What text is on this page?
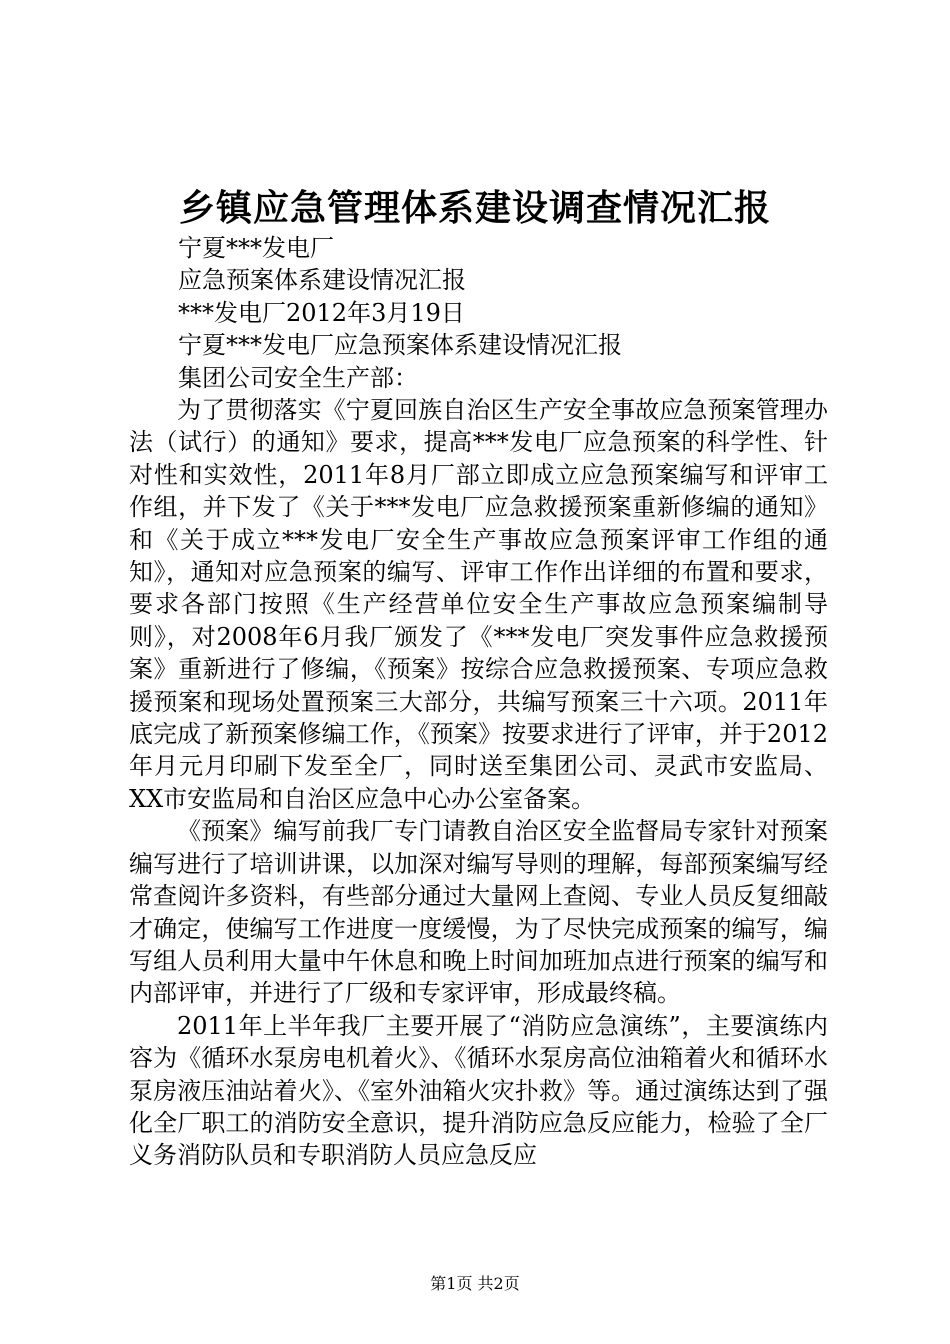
乡镇应急管理体系建设调查情况汇报
宁夏***发电厂
应急预案体系建设情况汇报
***发电厂2012年3月19日
宁夏***发电厂应急预案体系建设情况汇报
集团公司安全生产部：

为了贯彻落实《宁夏回族自治区生产安全事故应急预案管理办法（试行）的通知》要求，提高***发电厂应急预案的科学性、针对性和实效性，2011年8月厂部立即成立应急预案编写和评审工作组，并下发了《关于***发电厂应急救援预案重新修编的通知》和《关于成立***发电厂安全生产事故应急预案评审工作组的通知》，通知对应急预案的编写、评审工作作出详细的布置和要求，要求各部门按照《生产经营单位安全生产事故应急预案编制导则》，对2008年6月我厂颁发了《***发电厂突发事件应急救援预案》重新进行了修编，《预案》按综合应急救援预案、专项应急救援预案和现场处置预案三大部分，共编写预案三十六项。2011年底完成了新预案修编工作，《预案》按要求进行了评审，并于2012年月元月印刷下发至全厂，同时送至集团公司、灵武市安监局、XX市安监局和自治区应急中心办公室备案。

《预案》编写前我厂专门请教自治区安全监督局专家针对预案编写进行了培训讲课，以加深对编写导则的理解，每部预案编写经常查阅许多资料，有些部分通过大量网上查阅、专业人员反复细敲才确定，使编写工作进度一度缓慢，为了尽快完成预案的编写，编写组人员利用大量中午休息和晚上时间加班加点进行预案的编写和内部评审，并进行了厂级和专家评审，形成最终稿。

2011年上半年我厂主要开展了“消防应急演练”，主要演练内容为《循环水泵房电机着火》、《循环水泵房高位油箱着火和循环水泵房液压油站着火》、《室外油箱火灾扑救》等。通过演练达到了强化全厂职工的消防安全意识，提升消防应急反应能力，检验了全厂义务消防队员和专职消防人员应急反应

第1页 共2页
